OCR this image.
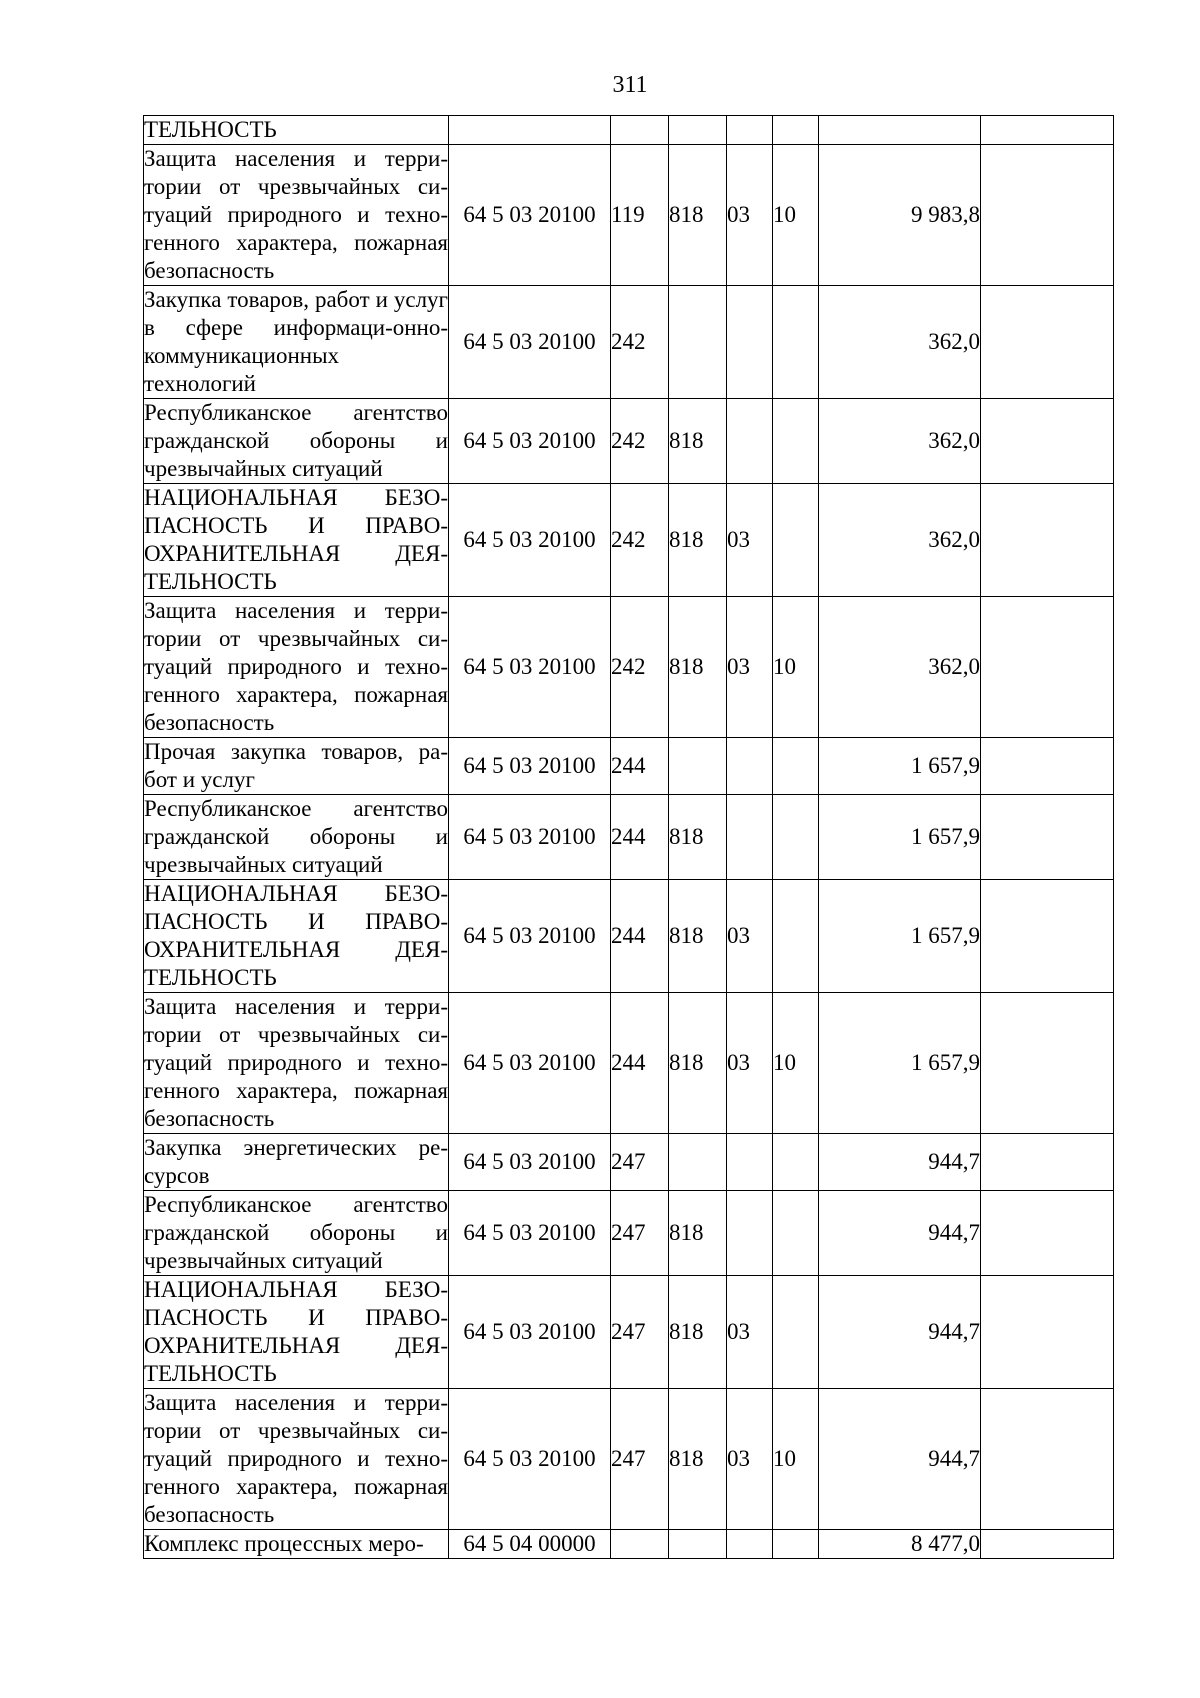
311
ТЕЛЬНОСТЬ							
Защита населения и терри-тории от чрезвычайных си-туаций природного и техно-генного характера, пожарная безопасность	64 5 03 20100	119	818	03	10	9 983,8	
Закупка товаров, работ и услуг в сфере информаци-онно-коммуникационных технологий	64 5 03 20100	242				362,0	
Республиканское агентство гражданской обороны и чрезвычайных ситуаций	64 5 03 20100	242	818			362,0	
НАЦИОНАЛЬНАЯ БЕЗО-ПАСНОСТЬ И ПРАВО-ОХРАНИТЕЛЬНАЯ ДЕЯ-ТЕЛЬНОСТЬ	64 5 03 20100	242	818	03		362,0	
Защита населения и терри-тории от чрезвычайных си-туаций природного и техно-генного характера, пожарная безопасность	64 5 03 20100	242	818	03	10	362,0	
Прочая закупка товаров, ра-бот и услуг	64 5 03 20100	244				1 657,9	
Республиканское агентство гражданской обороны и чрезвычайных ситуаций	64 5 03 20100	244	818			1 657,9	
НАЦИОНАЛЬНАЯ БЕЗО-ПАСНОСТЬ И ПРАВО-ОХРАНИТЕЛЬНАЯ ДЕЯ-ТЕЛЬНОСТЬ	64 5 03 20100	244	818	03		1 657,9	
Защита населения и терри-тории от чрезвычайных си-туаций природного и техно-генного характера, пожарная безопасность	64 5 03 20100	244	818	03	10	1 657,9	
Закупка энергетических ре-сурсов	64 5 03 20100	247				944,7	
Республиканское агентство гражданской обороны и чрезвычайных ситуаций	64 5 03 20100	247	818			944,7	
НАЦИОНАЛЬНАЯ БЕЗО-ПАСНОСТЬ И ПРАВО-ОХРАНИТЕЛЬНАЯ ДЕЯ-ТЕЛЬНОСТЬ	64 5 03 20100	247	818	03		944,7	
Защита населения и терри-тории от чрезвычайных си-туаций природного и техно-генного характера, пожарная безопасность	64 5 03 20100	247	818	03	10	944,7	
Комплекс процессных меро-	64 5 04 00000					8 477,0	
